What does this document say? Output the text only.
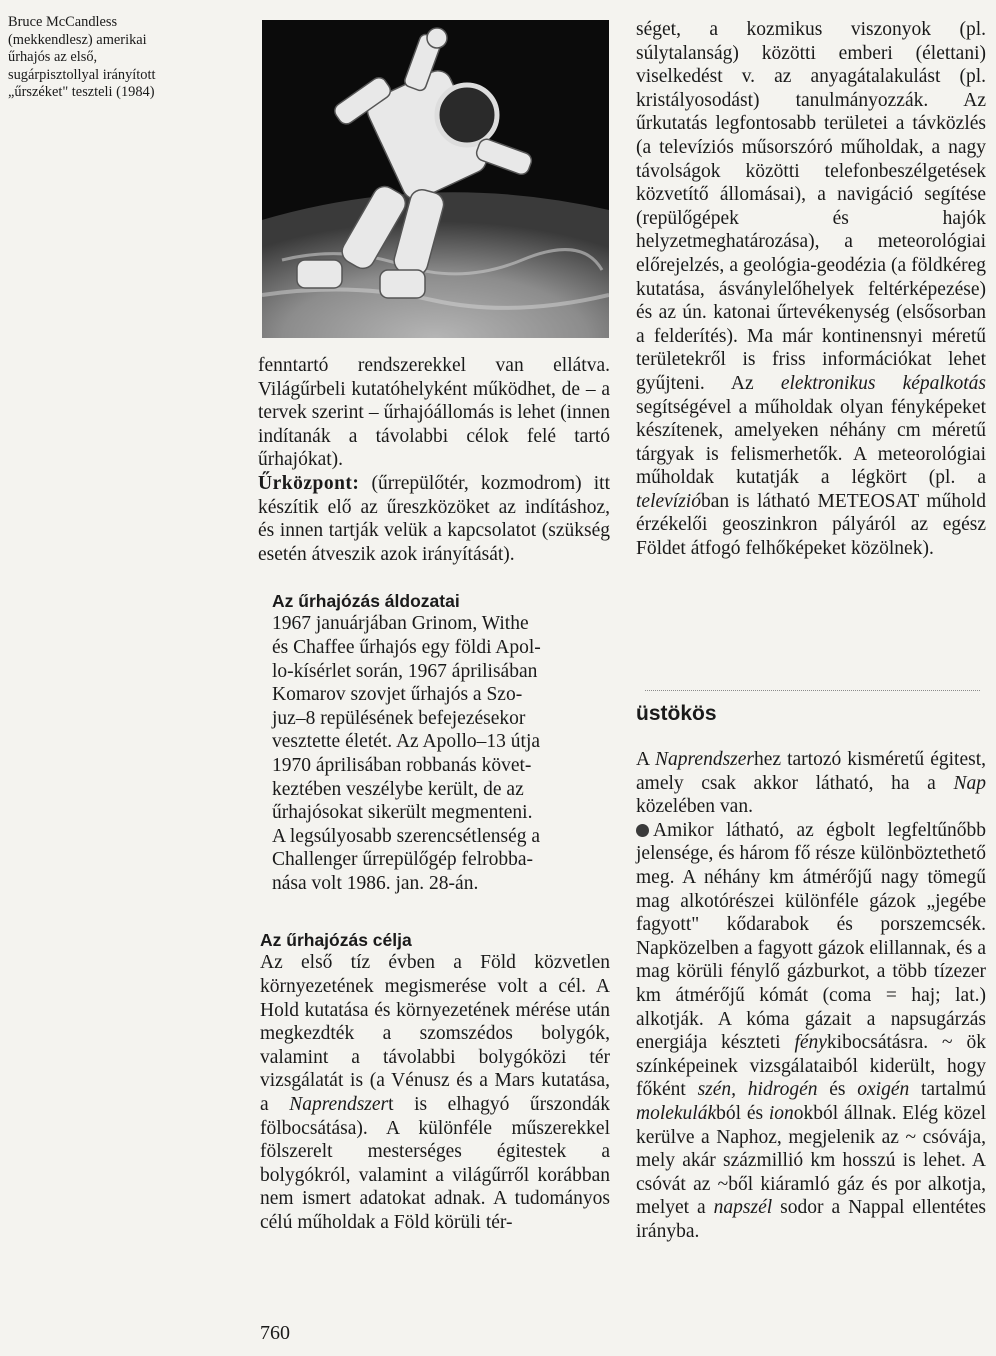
Bruce McCandless
(mekkendlesz) amerikai
űrhajós az első,
sugárpisztollyal irányított
„űrszéket" teszteli (1984)

fenntartó rendszerekkel van ellátva. Világűrbeli kutatóhelyként működhet, de – a tervek szerint – űrhajóállomás is lehet (innen indítanák a távolabbi célok felé tartó űrhajókat).

Űrközpont: (űrrepülőtér, kozmodrom) itt készítik elő az űreszközöket az indításhoz, és innen tartják velük a kapcsolatot (szükség esetén átveszik azok irányítását).

Az űrhajózás áldozatai

1967 januárjában Grinom, Withe
és Chaffee űrhajós egy földi Apol-
lo-kísérlet során, 1967 áprilisában
Komarov szovjet űrhajós a Szo-
juz–8 repülésének befejezésekor
vesztette életét. Az Apollo–13 útja
1970 áprilisában robbanás követ-
keztében veszélybe került, de az
űrhajósokat sikerült megmenteni.
A legsúlyosabb szerencsétlenség a
Challenger űrrepülőgép felrobba-
nása volt 1986. jan. 28-án.

Az űrhajózás célja

Az első tíz évben a Föld közvetlen környezetének megismerése volt a cél. A Hold kutatása és környezetének mérése után megkezdték a szomszédos bolygók, valamint a távolabbi bolygóközi tér vizsgálatát is (a Vénusz és a Mars kutatása, a Naprendszert is elhagyó űrszondák fölbocsátása). A különféle műszerekkel fölszerelt mesterséges égitestek a bolygókról, valamint a világűrről korábban nem ismert adatokat adnak. A tudományos célú műholdak a Föld körüli tér-

séget, a kozmikus viszonyok (pl. súlytalanság) közötti emberi (élettani) viselkedést v. az anyagátalakulást (pl. kristályosodást) tanulmányozzák. Az űrkutatás legfontosabb területei a távközlés (a televíziós műsorszóró műholdak, a nagy távolságok közötti telefonbeszélgetések közvetítő állomásai), a navigáció segítése (repülőgépek és hajók helyzetmeghatározása), a meteorológiai előrejelzés, a geológia-geodézia (a földkéreg kutatása, ásványlelőhelyek feltérképezése) és az ún. katonai űrtevékenység (elsősorban a felderítés). Ma már kontinensnyi méretű területekről is friss információkat lehet gyűjteni. Az elektronikus képalkotás segítségével a műholdak olyan fényképeket készítenek, amelyeken néhány cm méretű tárgyak is felismerhetők. A meteorológiai műholdak kutatják a légkört (pl. a televízióban is látható METEOSAT műhold érzékelői geoszinkron pályáról az egész Földet átfogó felhőképeket közölnek).

üstökös

A Naprendszerhez tartozó kisméretű égitest, amely csak akkor látható, ha a Nap közelében van.

Amikor látható, az égbolt legfeltűnőbb jelensége, és három fő része különböztethető meg. A néhány km átmérőjű nagy tömegű mag alkotórészei különféle gázok „jegébe fagyott" kődarabok és porszemcsék. Napközelben a fagyott gázok elillannak, és a mag körüli fénylő gázburkot, a több tízezer km átmérőjű kómát (coma = haj; lat.) alkotják. A kóma gázait a napsugárzás energiája készteti fénykibocsátásra. ~ ök színképeinek vizsgálataiból kiderült, hogy főként szén, hidrogén és oxigén tartalmú molekulákból és ionokból állnak. Elég közel kerülve a Naphoz, megjelenik az ~ csóvája, mely akár százmillió km hosszú is lehet. A csóvát az ~ből kiáramló gáz és por alkotja, melyet a napszél sodor a Nappal ellentétes irányba.

760
